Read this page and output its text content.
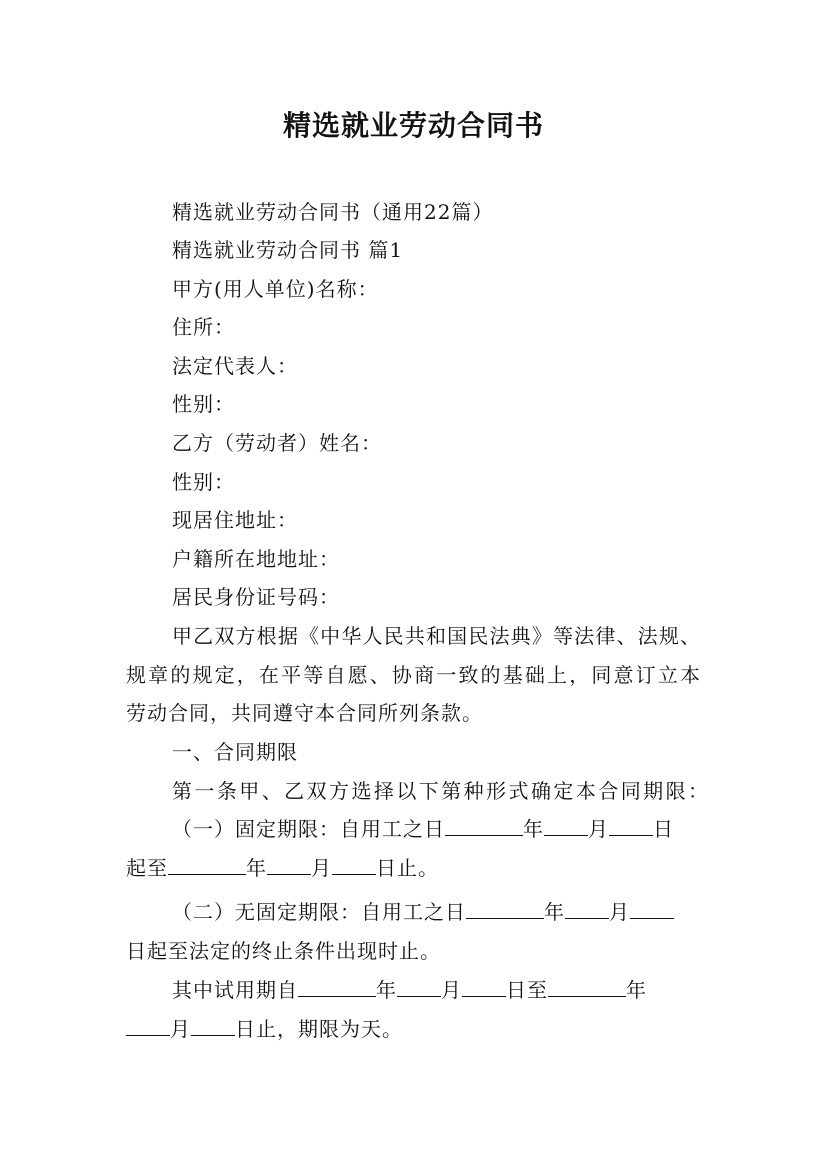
精选就业劳动合同书
精选就业劳动合同书（通用22篇）
精选就业劳动合同书 篇1
甲方(用人单位)名称：
住所：
法定代表人：
性别：
乙方（劳动者）姓名：
性别：
现居住地址：
户籍所在地地址：
居民身份证号码：
甲乙双方根据《中华人民共和国民法典》等法律、法规、
规章的规定，在平等自愿、协商一致的基础上，同意订立本
劳动合同，共同遵守本合同所列条款。
一、合同期限
第一条甲、乙双方选择以下第种形式确定本合同期限：
（一）固定期限：自用工之日	年 月 日
起至	年 月 日止。
（二）无固定期限：自用工之日	年 月
日起至法定的终止条件出现时止。
其中试用期自	年 月 日至	年
月 日止，期限为天。
